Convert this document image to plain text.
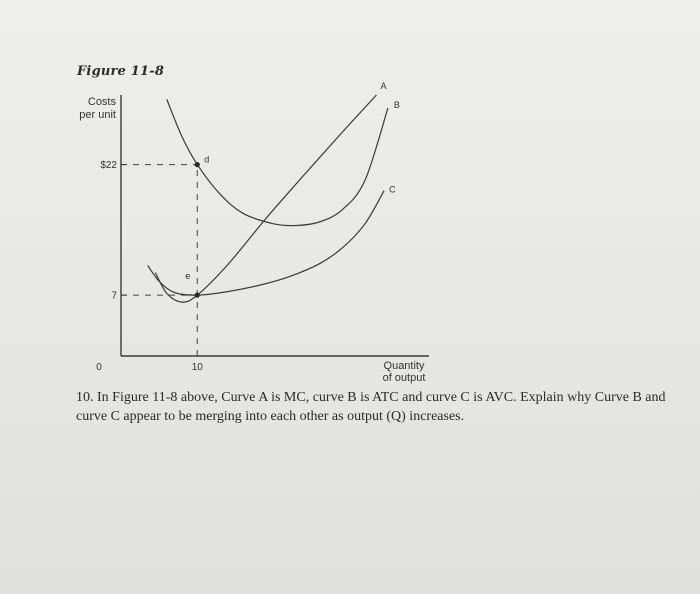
Figure 11-8
Costs
per unit
A
B
C
7
$22
0	10
d
e
Quantity
of output
10. In Figure 11-8 above, Curve A is MC, curve B is ATC and curve C is AVC. Explain why Curve B and curve C appear to be merging into each other as output (Q) increases.
